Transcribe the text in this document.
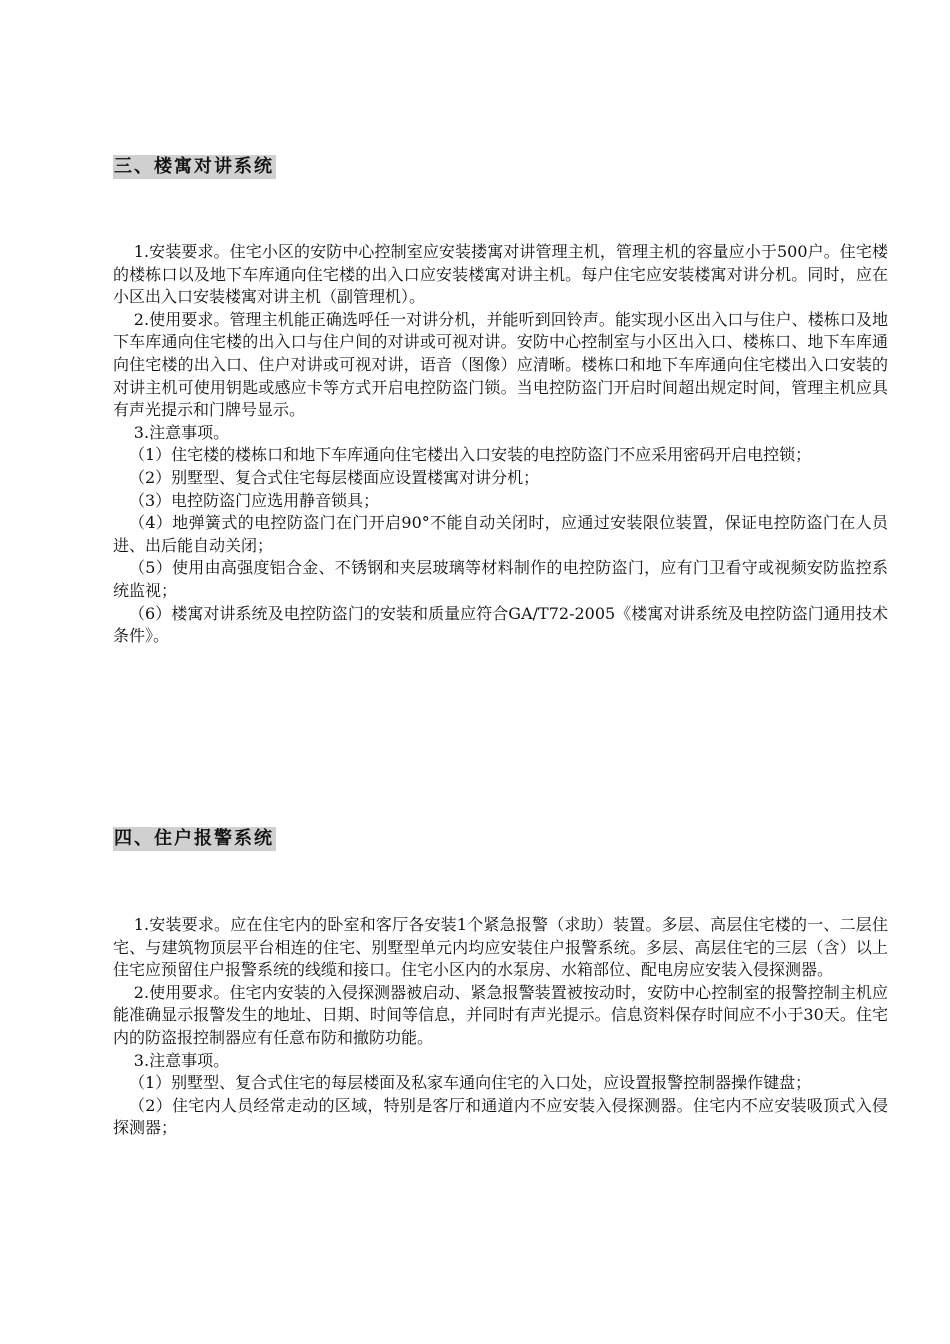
三、楼寓对讲系统

1.安装要求。住宅小区的安防中心控制室应安装搂寓对讲管理主机，管理主机的容量应小于500户。住宅楼的楼栋口以及地下车库通向住宅楼的出入口应安装楼寓对讲主机。每户住宅应安装楼寓对讲分机。同时，应在小区出入口安装楼寓对讲主机（副管理机）。

2.使用要求。管理主机能正确选呼任一对讲分机，并能听到回铃声。能实现小区出入口与住户、楼栋口及地下车库通向住宅楼的出入口与住户间的对讲或可视对讲。安防中心控制室与小区出入口、楼栋口、地下车库通向住宅楼的出入口、住户对讲或可视对讲，语音（图像）应清晰。楼栋口和地下车库通向住宅楼出入口安装的对讲主机可使用钥匙或感应卡等方式开启电控防盗门锁。当电控防盗门开启时间超出规定时间，管理主机应具有声光提示和门牌号显示。

3.注意事项。

（1）住宅楼的楼栋口和地下车库通向住宅楼出入口安装的电控防盗门不应采用密码开启电控锁；

（2）别墅型、复合式住宅每层楼面应设置楼寓对讲分机；

（3）电控防盗门应选用静音锁具；

（4）地弹簧式的电控防盗门在门开启90°不能自动关闭时，应通过安装限位装置，保证电控防盗门在人员进、出后能自动关闭；

（5）使用由高强度铝合金、不锈钢和夹层玻璃等材料制作的电控防盗门，应有门卫看守或视频安防监控系统监视；

（6）楼寓对讲系统及电控防盗门的安装和质量应符合GA/T72-2005《楼寓对讲系统及电控防盗门通用技术条件》。

四、住户报警系统

1.安装要求。应在住宅内的卧室和客厅各安装1个紧急报警（求助）装置。多层、高层住宅楼的一、二层住宅、与建筑物顶层平台相连的住宅、别墅型单元内均应安装住户报警系统。多层、高层住宅的三层（含）以上住宅应预留住户报警系统的线缆和接口。住宅小区内的水泵房、水箱部位、配电房应安装入侵探测器。

2.使用要求。住宅内安装的入侵探测器被启动、紧急报警装置被按动时，安防中心控制室的报警控制主机应能准确显示报警发生的地址、日期、时间等信息，并同时有声光提示。信息资料保存时间应不小于30天。住宅内的防盗报控制器应有任意布防和撤防功能。

3.注意事项。

（1）别墅型、复合式住宅的每层楼面及私家车通向住宅的入口处，应设置报警控制器操作键盘；

（2）住宅内人员经常走动的区域，特别是客厅和通道内不应安装入侵探测器。住宅内不应安装吸顶式入侵探测器；
